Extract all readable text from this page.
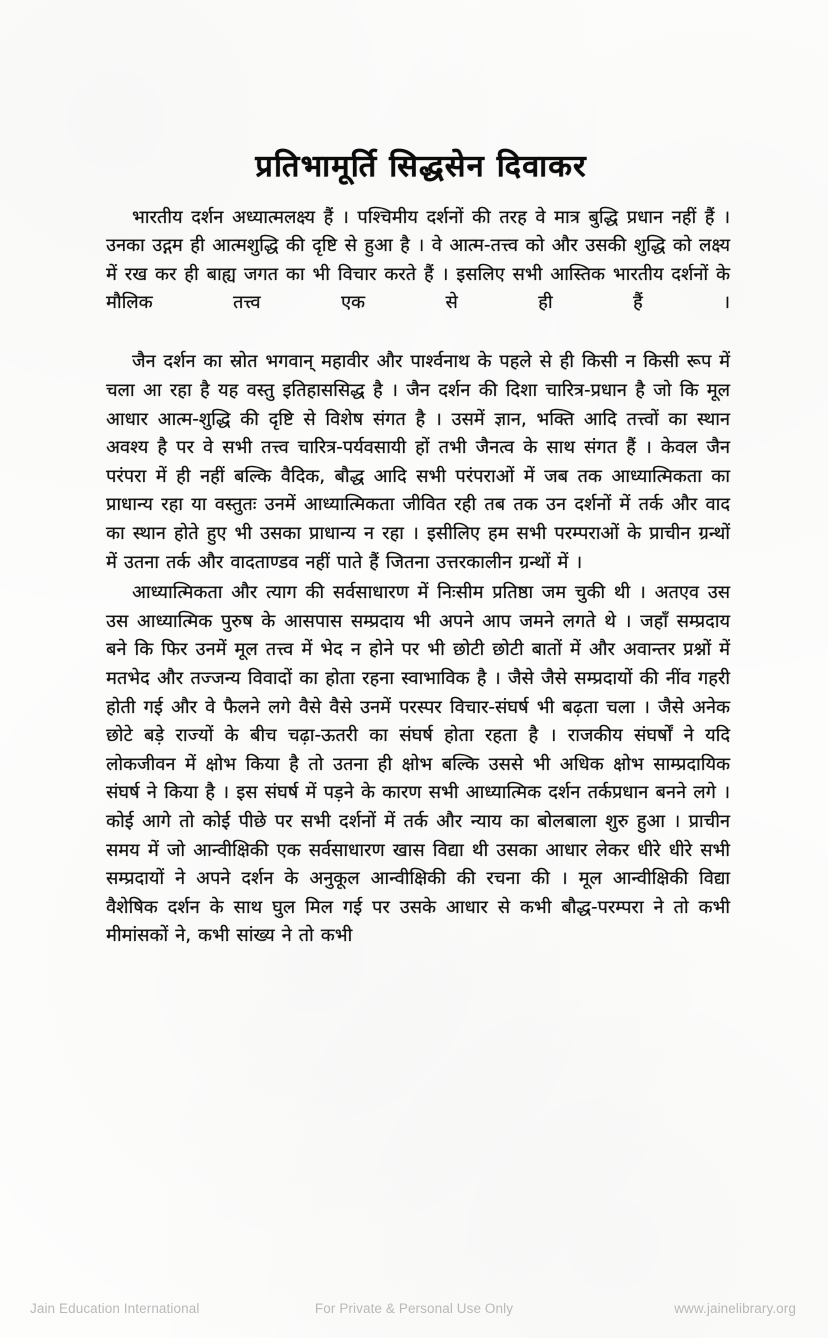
प्रतिभामूर्ति सिद्धसेन दिवाकर

भारतीय दर्शन अध्यात्मलक्ष्य हैं । पश्चिमीय दर्शनों की तरह वे मात्र बुद्धि प्रधान नहीं हैं । उनका उद्गम ही आत्मशुद्धि की दृष्टि से हुआ है । वे आत्म-तत्त्व को और उसकी शुद्धि को लक्ष्य में रख कर ही बाह्य जगत का भी विचार करते हैं । इसलिए सभी आस्तिक भारतीय दर्शनों के मौलिक तत्त्व एक से ही हैं ।

जैन दर्शन का स्रोत भगवान् महावीर और पार्श्वनाथ के पहले से ही किसी न किसी रूप में चला आ रहा है यह वस्तु इतिहाससिद्ध है । जैन दर्शन की दिशा चारित्र-प्रधान है जो कि मूल आधार आत्म-शुद्धि की दृष्टि से विशेष संगत है । उसमें ज्ञान, भक्ति आदि तत्त्वों का स्थान अवश्य है पर वे सभी तत्त्व चारित्र-पर्यवसायी हों तभी जैनत्व के साथ संगत हैं । केवल जैन परंपरा में ही नहीं बल्कि वैदिक, बौद्ध आदि सभी परंपराओं में जब तक आध्यात्मिकता का प्राधान्य रहा या वस्तुतः उनमें आध्यात्मिकता जीवित रही तब तक उन दर्शनों में तर्क और वाद का स्थान होते हुए भी उसका प्राधान्य न रहा । इसीलिए हम सभी परम्पराओं के प्राचीन ग्रन्थों में उतना तर्क और वादताण्डव नहीं पाते हैं जितना उत्तरकालीन ग्रन्थों में ।

आध्यात्मिकता और त्याग की सर्वसाधारण में निःसीम प्रतिष्ठा जम चुकी थी । अतएव उस उस आध्यात्मिक पुरुष के आसपास सम्प्रदाय भी अपने आप जमने लगते थे । जहाँ सम्प्रदाय बने कि फिर उनमें मूल तत्त्व में भेद न होने पर भी छोटी छोटी बातों में और अवान्तर प्रश्नों में मतभेद और तज्जन्य विवादों का होता रहना स्वाभाविक है । जैसे जैसे सम्प्रदायों की नींव गहरी होती गई और वे फैलने लगे वैसे वैसे उनमें परस्पर विचार-संघर्ष भी बढ़ता चला । जैसे अनेक छोटे बड़े राज्यों के बीच चढ़ा-ऊतरी का संघर्ष होता रहता है । राजकीय संघर्षों ने यदि लोकजीवन में क्षोभ किया है तो उतना ही क्षोभ बल्कि उससे भी अधिक क्षोभ साम्प्रदायिक संघर्ष ने किया है । इस संघर्ष में पड़ने के कारण सभी आध्यात्मिक दर्शन तर्कप्रधान बनने लगे । कोई आगे तो कोई पीछे पर सभी दर्शनों में तर्क और न्याय का बोलबाला शुरु हुआ । प्राचीन समय में जो आन्वीक्षिकी एक सर्वसाधारण खास विद्या थी उसका आधार लेकर धीरे धीरे सभी सम्प्रदायों ने अपने दर्शन के अनुकूल आन्वीक्षिकी की रचना की । मूल आन्वीक्षिकी विद्या वैशेषिक दर्शन के साथ घुल मिल गई पर उसके आधार से कभी बौद्ध-परम्परा ने तो कभी मीमांसकों ने, कभी सांख्य ने तो कभी

Jain Education International	For Private & Personal Use Only	www.jainelibrary.org
